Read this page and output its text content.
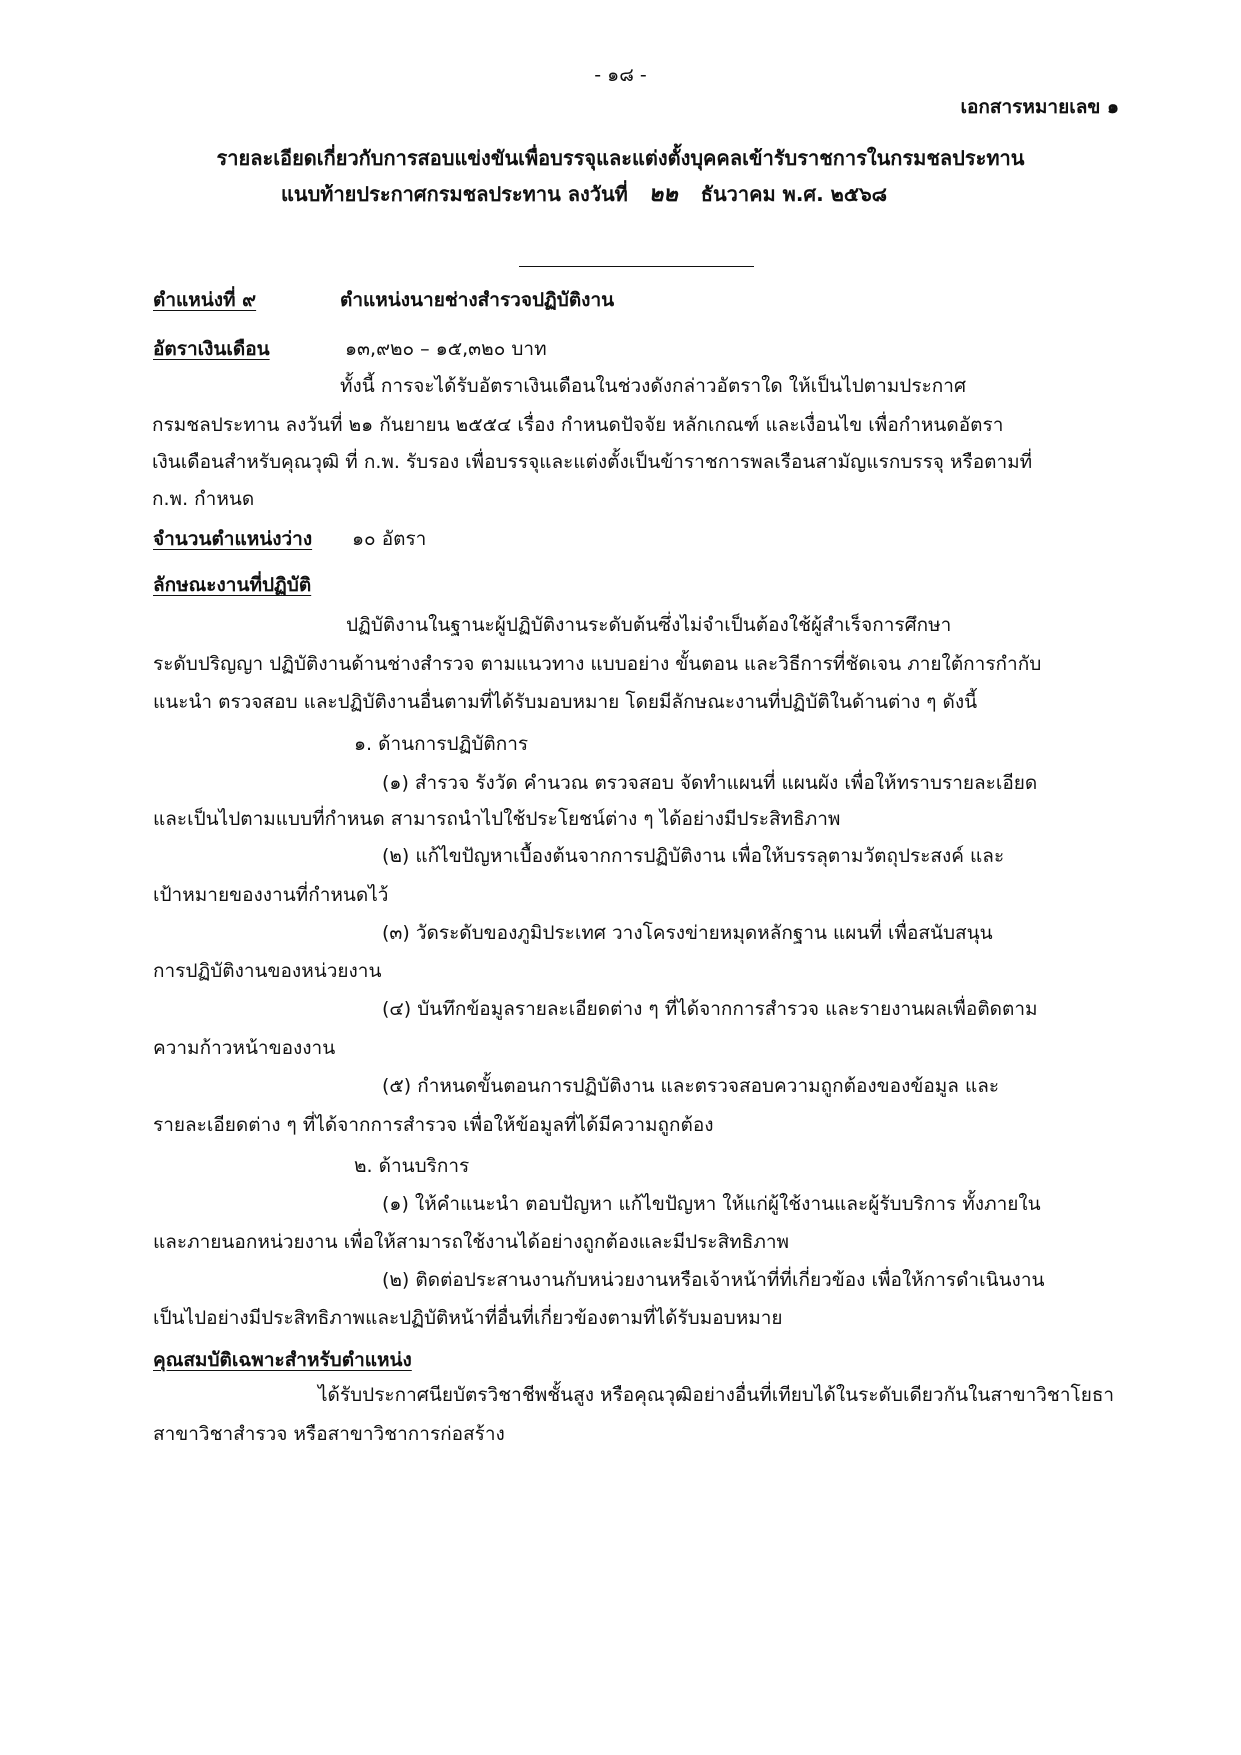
- ๑๘ -
เอกสารหมายเลข ๑
รายละเอียดเกี่ยวกับการสอบแข่งขันเพื่อบรรจุและแต่งตั้งบุคคลเข้ารับราชการในกรมชลประทาน
แนบท้ายประกาศกรมชลประทาน ลงวันที่ ๒๒ ธันวาคม พ.ศ. ๒๕๖๘
ตำแหน่งที่ ๙	ตำแหน่งนายช่างสำรวจปฏิบัติงาน
อัตราเงินเดือน	๑๓,๙๒๐ – ๑๕,๓๒๐ บาท
ทั้งนี้ การจะได้รับอัตราเงินเดือนในช่วงดังกล่าวอัตราใด ให้เป็นไปตามประกาศ
กรมชลประทาน ลงวันที่ ๒๑ กันยายน ๒๕๕๔ เรื่อง กำหนดปัจจัย หลักเกณฑ์ และเงื่อนไข เพื่อกำหนดอัตรา
เงินเดือนสำหรับคุณวุฒิ ที่ ก.พ. รับรอง เพื่อบรรจุและแต่งตั้งเป็นข้าราชการพลเรือนสามัญแรกบรรจุ หรือตามที่
ก.พ. กำหนด
จำนวนตำแหน่งว่าง ๑๐ อัตรา
ลักษณะงานที่ปฏิบัติ
ปฏิบัติงานในฐานะผู้ปฏิบัติงานระดับต้นซึ่งไม่จำเป็นต้องใช้ผู้สำเร็จการศึกษา
ระดับปริญญา ปฏิบัติงานด้านช่างสำรวจ ตามแนวทาง แบบอย่าง ขั้นตอน และวิธีการที่ชัดเจน ภายใต้การกำกับ
แนะนำ ตรวจสอบ และปฏิบัติงานอื่นตามที่ได้รับมอบหมาย โดยมีลักษณะงานที่ปฏิบัติในด้านต่าง ๆ ดังนี้
๑. ด้านการปฏิบัติการ
(๑) สำรวจ รังวัด คำนวณ ตรวจสอบ จัดทำแผนที่ แผนผัง เพื่อให้ทราบรายละเอียด
และเป็นไปตามแบบที่กำหนด สามารถนำไปใช้ประโยชน์ต่าง ๆ ได้อย่างมีประสิทธิภาพ
(๒) แก้ไขปัญหาเบื้องต้นจากการปฏิบัติงาน เพื่อให้บรรลุตามวัตถุประสงค์ และ
เป้าหมายของงานที่กำหนดไว้
(๓) วัดระดับของภูมิประเทศ วางโครงข่ายหมุดหลักฐาน แผนที่ เพื่อสนับสนุน
การปฏิบัติงานของหน่วยงาน
(๔) บันทึกข้อมูลรายละเอียดต่าง ๆ ที่ได้จากการสำรวจ และรายงานผลเพื่อติดตาม
ความก้าวหน้าของงาน
(๕) กำหนดขั้นตอนการปฏิบัติงาน และตรวจสอบความถูกต้องของข้อมูล และ
รายละเอียดต่าง ๆ ที่ได้จากการสำรวจ เพื่อให้ข้อมูลที่ได้มีความถูกต้อง
๒. ด้านบริการ
(๑) ให้คำแนะนำ ตอบปัญหา แก้ไขปัญหา ให้แก่ผู้ใช้งานและผู้รับบริการ ทั้งภายใน
และภายนอกหน่วยงาน เพื่อให้สามารถใช้งานได้อย่างถูกต้องและมีประสิทธิภาพ
(๒) ติดต่อประสานงานกับหน่วยงานหรือเจ้าหน้าที่ที่เกี่ยวข้อง เพื่อให้การดำเนินงาน
เป็นไปอย่างมีประสิทธิภาพและปฏิบัติหน้าที่อื่นที่เกี่ยวข้องตามที่ได้รับมอบหมาย
คุณสมบัติเฉพาะสำหรับตำแหน่ง
ได้รับประกาศนียบัตรวิชาชีพชั้นสูง หรือคุณวุฒิอย่างอื่นที่เทียบได้ในระดับเดียวกันในสาขาวิชาโยธา
สาขาวิชาสำรวจ หรือสาขาวิชาการก่อสร้าง
